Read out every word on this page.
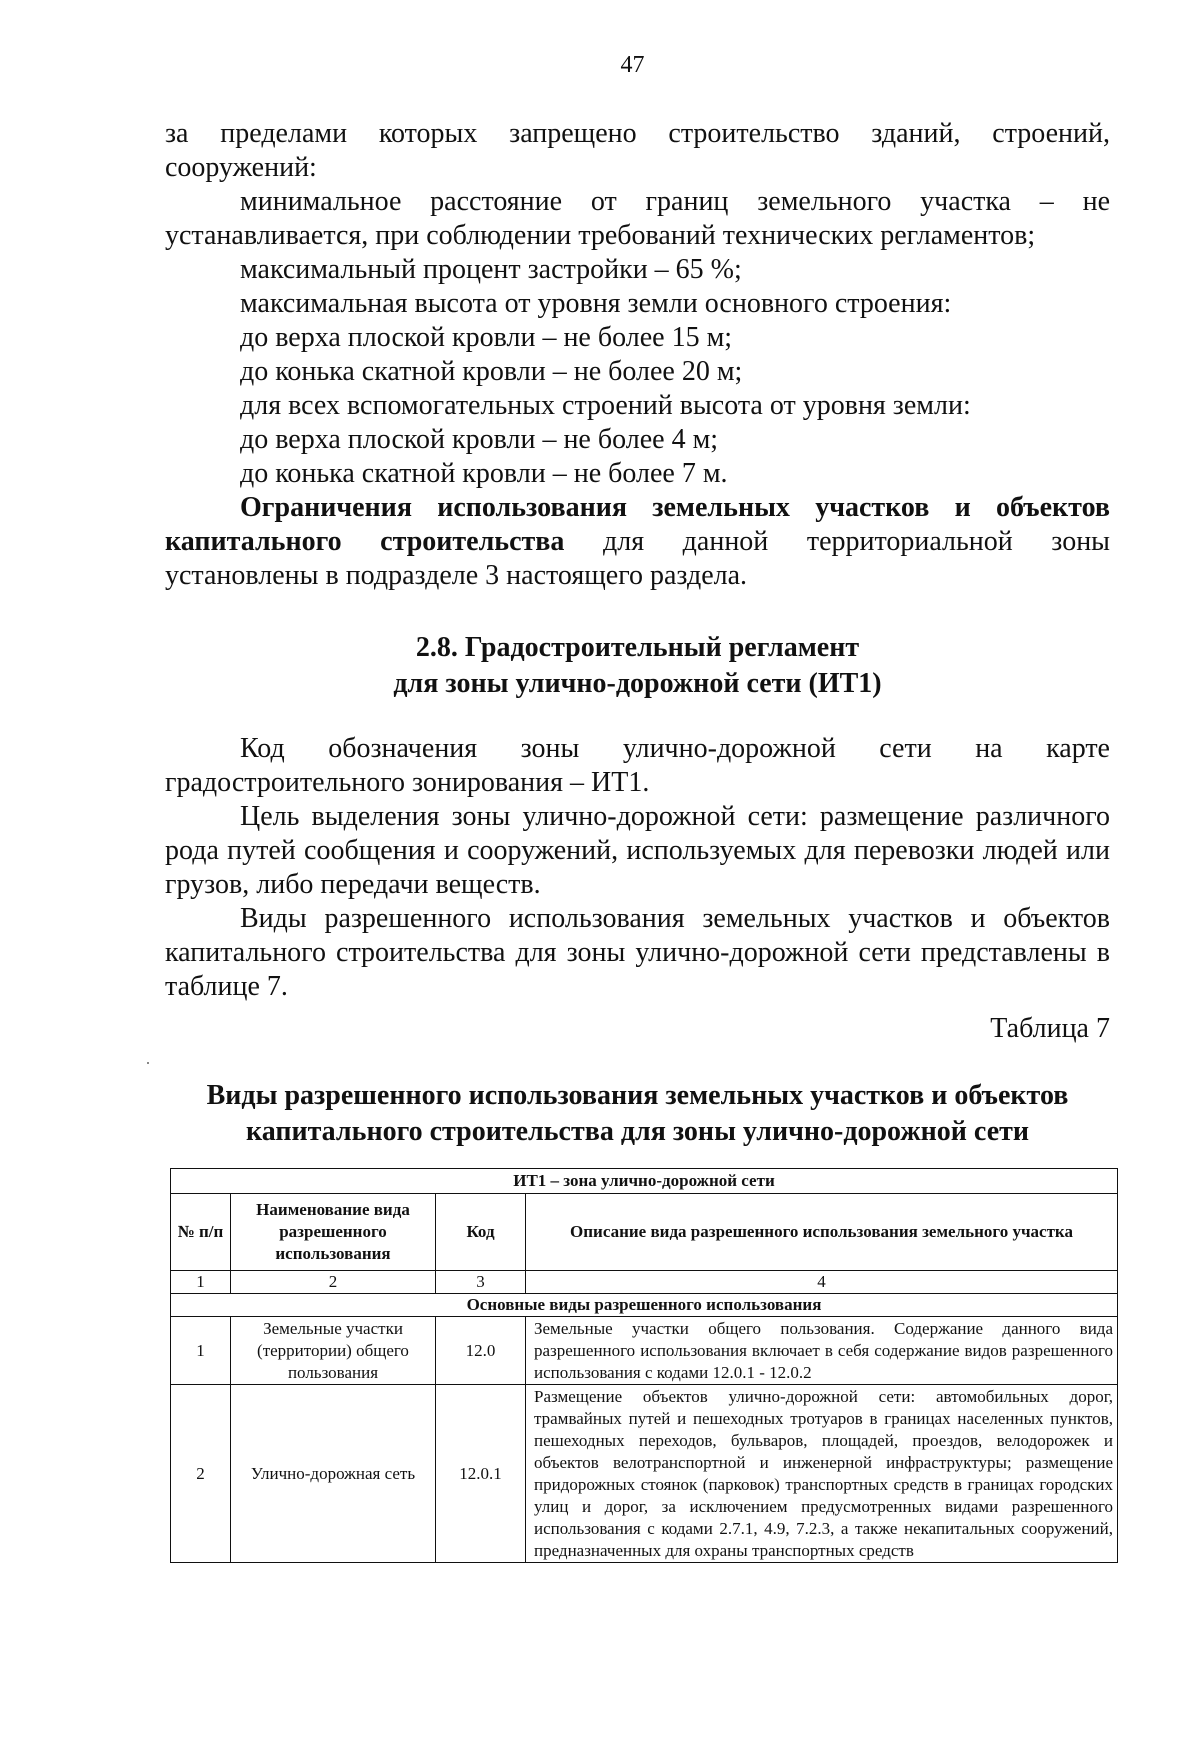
47

за пределами которых запрещено строительство зданий, строений, сооружений:

минимальное расстояние от границ земельного участка – не устанавливается, при соблюдении требований технических регламентов;

максимальный процент застройки – 65 %;

максимальная высота от уровня земли основного строения:

до верха плоской кровли – не более 15 м;

до конька скатной кровли – не более 20 м;

для всех вспомогательных строений высота от уровня земли:

до верха плоской кровли – не более 4 м;

до конька скатной кровли – не более 7 м.

Ограничения использования земельных участков и объектов капитального строительства для данной территориальной зоны установлены в подразделе 3 настоящего раздела.

2.8. Градостроительный регламент
для зоны улично-дорожной сети (ИТ1)

Код обозначения зоны улично-дорожной сети на карте градостроительного зонирования – ИТ1.

Цель выделения зоны улично-дорожной сети: размещение различного рода путей сообщения и сооружений, используемых для перевозки людей или грузов, либо передачи веществ.

Виды разрешенного использования земельных участков и объектов капитального строительства для зоны улично-дорожной сети представлены в таблице 7.

Таблица 7

Виды разрешенного использования земельных участков и объектов
капитального строительства для зоны улично-дорожной сети

ИТ1 – зона улично-дорожной сети			
№ п/п	Наименование вида разрешенного использования	Код	Описание вида разрешенного использования земельного участка
1	2	3	4
Основные виды разрешенного использования			
1	Земельные участки (территории) общего пользования	12.0	Земельные участки общего пользования. Содержание данного вида разрешенного использования включает в себя содержание видов разрешенного использования с кодами 12.0.1 - 12.0.2
2	Улично-дорожная сеть	12.0.1	Размещение объектов улично-дорожной сети: автомобильных дорог, трамвайных путей и пешеходных тротуаров в границах населенных пунктов, пешеходных переходов, бульваров, площадей, проездов, велодорожек и объектов велотранспортной и инженерной инфраструктуры; размещение придорожных стоянок (парковок) транспортных средств в границах городских улиц и дорог, за исключением предусмотренных видами разрешенного использования с кодами 2.7.1, 4.9, 7.2.3, а также некапитальных сооружений, предназначенных для охраны транспортных средств
